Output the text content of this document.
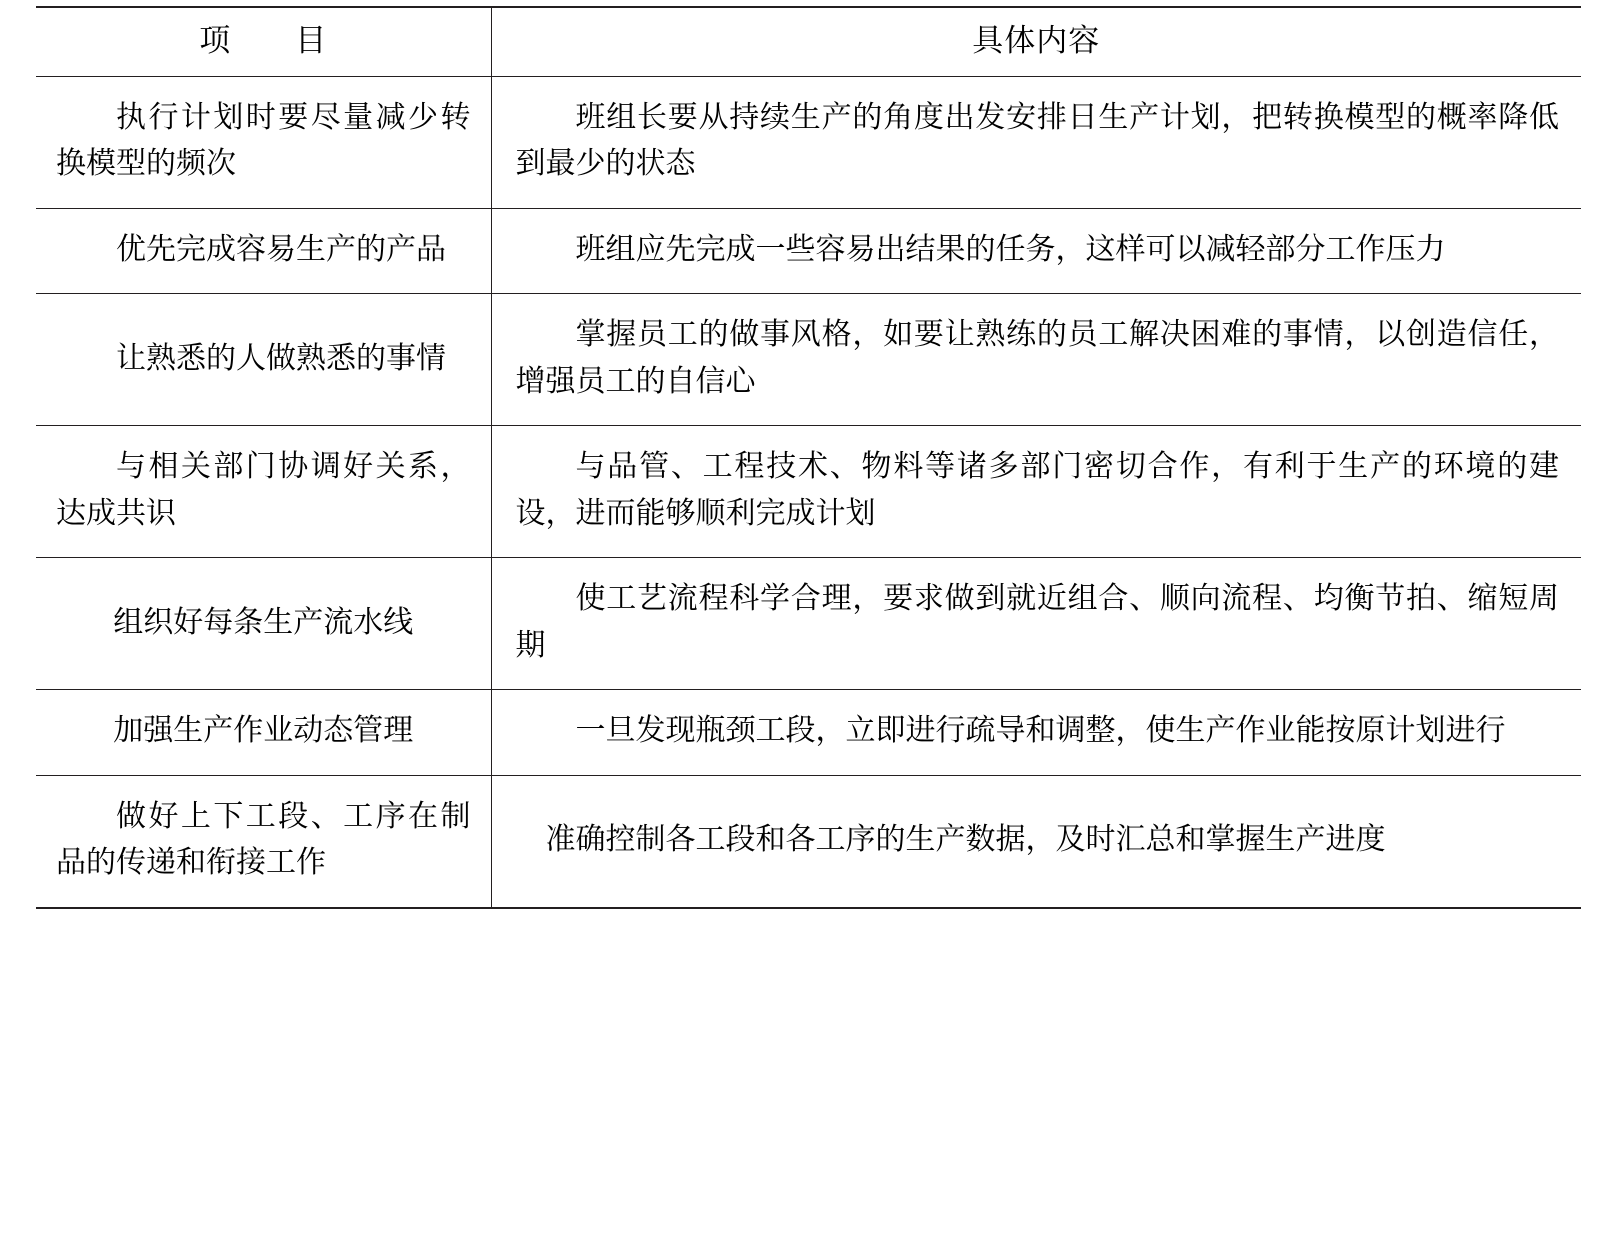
项　　目	具体内容

执行计划时要尽量减少转换模型的频次	班组长要从持续生产的角度出发安排日生产计划，把转换模型的概率降低到最少的状态

优先完成容易生产的产品	班组应先完成一些容易出结果的任务，这样可以减轻部分工作压力

让熟悉的人做熟悉的事情	掌握员工的做事风格，如要让熟练的员工解决困难的事情，以创造信任，增强员工的自信心

与相关部门协调好关系，达成共识	与品管、工程技术、物料等诸多部门密切合作，有利于生产的环境的建设，进而能够顺利完成计划

组织好每条生产流水线	使工艺流程科学合理，要求做到就近组合、顺向流程、均衡节拍、缩短周期

加强生产作业动态管理	一旦发现瓶颈工段，立即进行疏导和调整，使生产作业能按原计划进行

做好上下工段、工序在制品的传递和衔接工作	准确控制各工段和各工序的生产数据，及时汇总和掌握生产进度
